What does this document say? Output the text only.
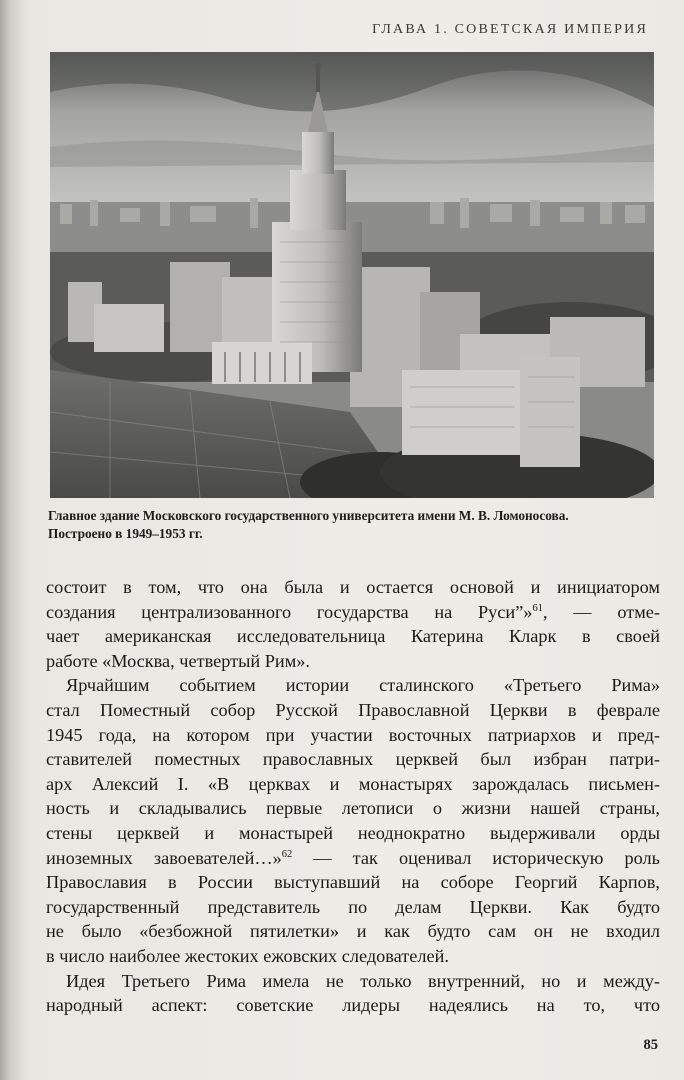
ГЛАВА 1. СОВЕТСКАЯ ИМПЕРИЯ
Главное здание Московского государственного университета имени М. В. Ломоносова.
Построено в 1949–1953 гг.
состоит в том, что она была и остается основой и инициатором
создания централизованного государства на Руси”»$^{61}$, — отме-
чает американская исследовательница Катерина Кларк в своей
работе «Москва, четвертый Рим».
Ярчайшим событием истории сталинского «Третьего Рима»
стал Поместный собор Русской Православной Церкви в феврале
1945 года, на котором при участии восточных патриархов и пред-
ставителей поместных православных церквей был избран патри-
арх Алексий I. «В церквах и монастырях зарождалась письмен-
ность и складывались первые летописи о жизни нашей страны,
стены церквей и монастырей неоднократно выдерживали орды
иноземных завоевателей…»$^{62}$ — так оценивал историческую роль
Православия в России выступавший на соборе Георгий Карпов,
государственный представитель по делам Церкви. Как будто
не было «безбожной пятилетки» и как будто сам он не входил
в число наиболее жестоких ежовских следователей.
Идея Третьего Рима имела не только внутренний, но и между-
народный аспект: советские лидеры надеялись на то, что
85
